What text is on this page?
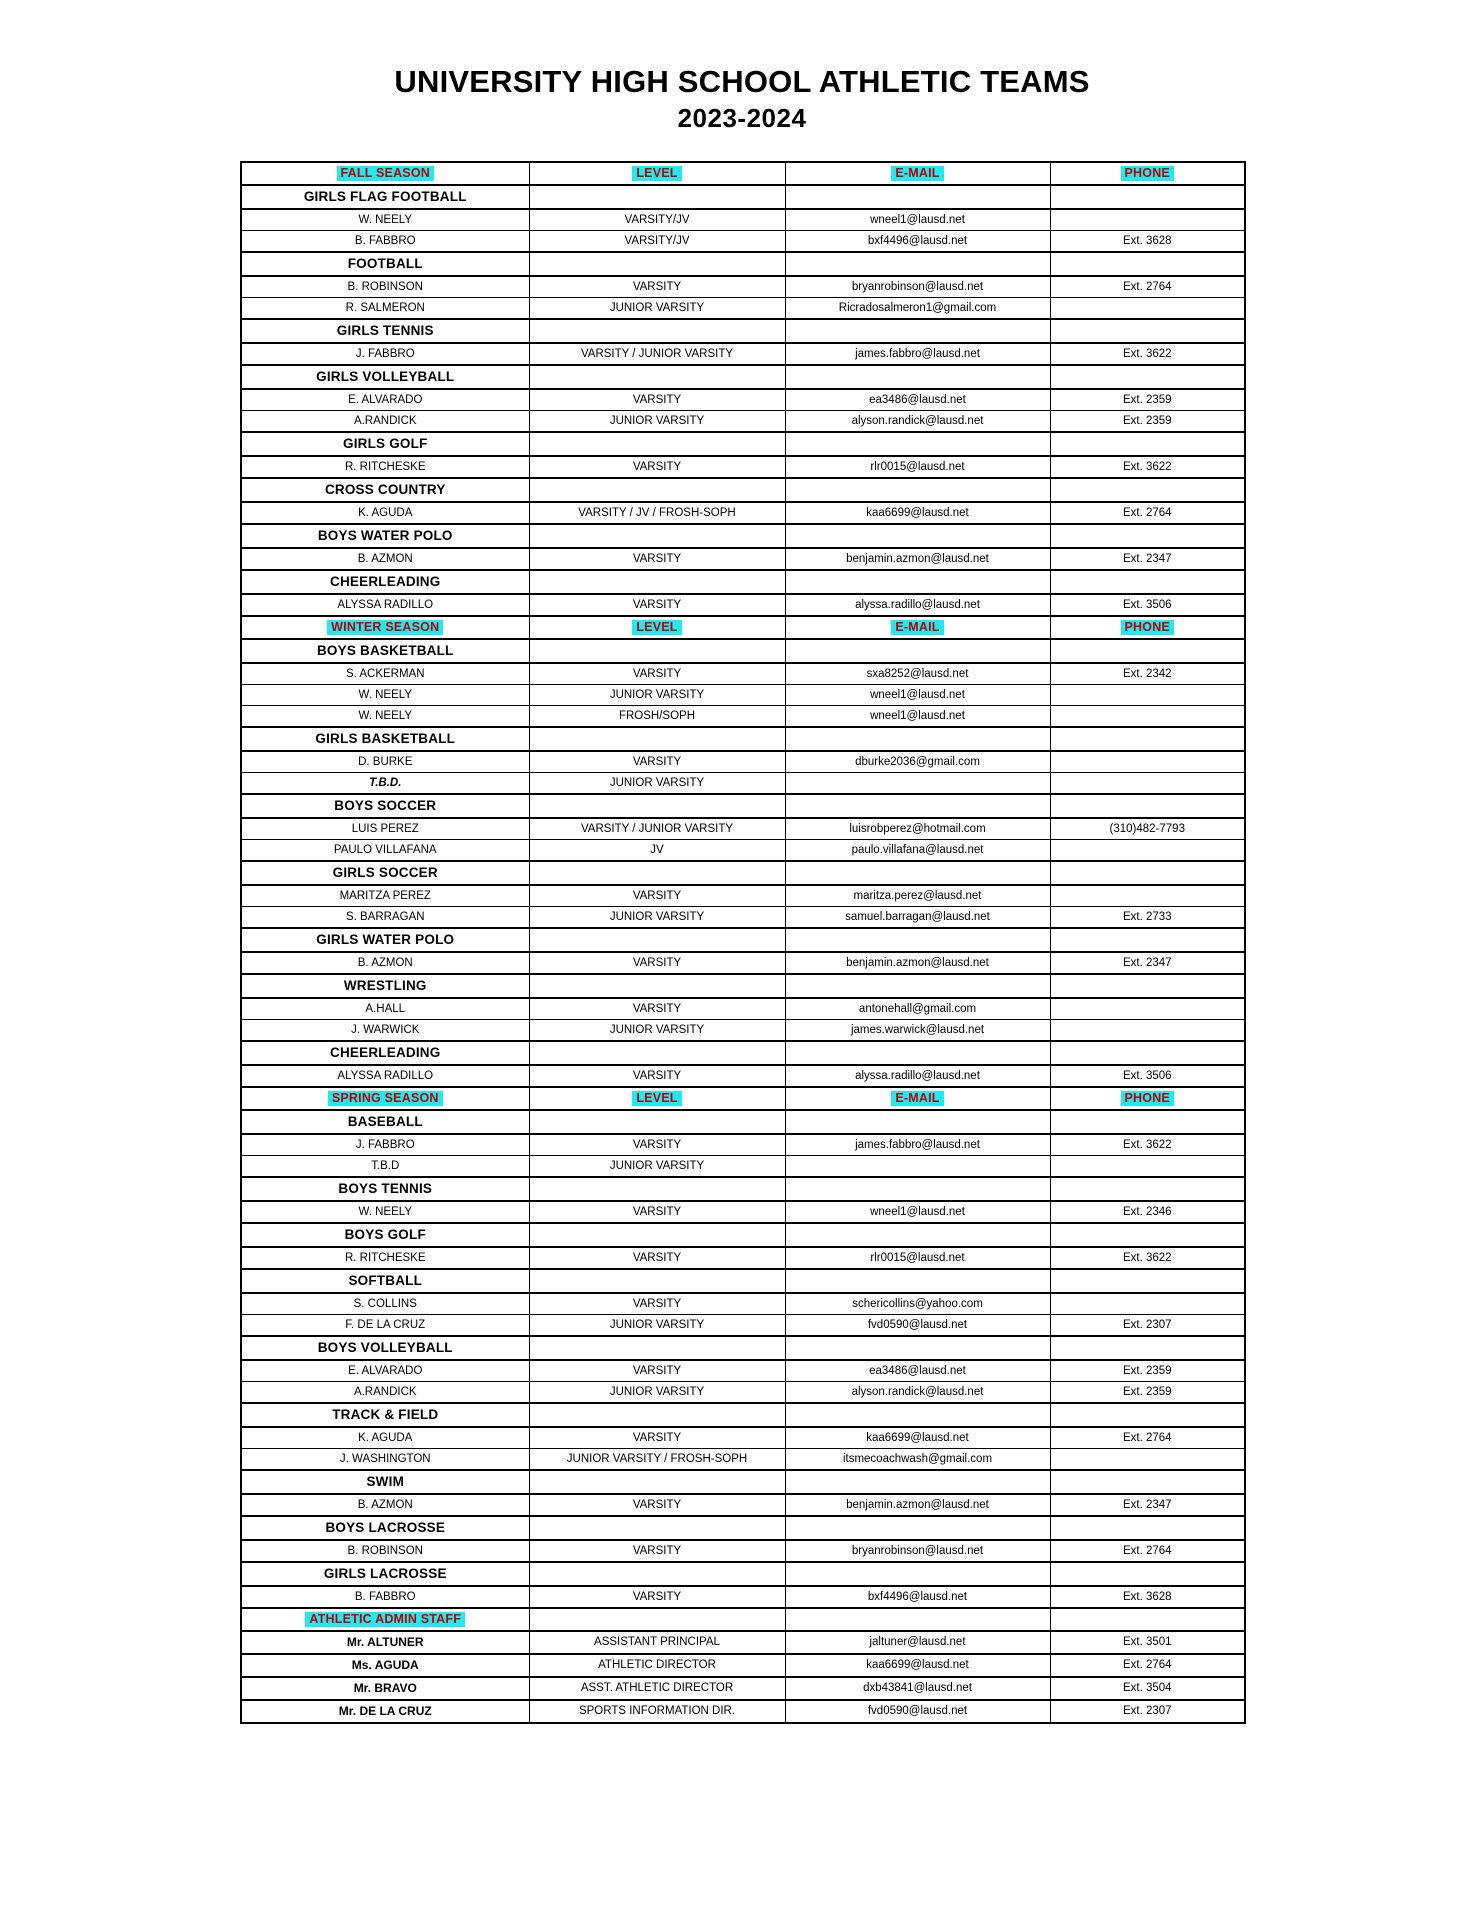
UNIVERSITY HIGH SCHOOL ATHLETIC TEAMS
2023-2024
FALL SEASON	LEVEL	E-MAIL	PHONE
GIRLS FLAG FOOTBALL			
W. NEELY	VARSITY/JV	wneel1@lausd.net	
B. FABBRO	VARSITY/JV	bxf4496@lausd.net	Ext. 3628
FOOTBALL			
B. ROBINSON	VARSITY	bryanrobinson@lausd.net	Ext. 2764
R. SALMERON	JUNIOR VARSITY	Ricradosalmeron1@gmail.com	
GIRLS TENNIS			
J. FABBRO	VARSITY / JUNIOR VARSITY	james.fabbro@lausd.net	Ext. 3622
GIRLS VOLLEYBALL			
E. ALVARADO	VARSITY	ea3486@lausd.net	Ext. 2359
A.RANDICK	JUNIOR VARSITY	alyson.randick@lausd.net	Ext. 2359
GIRLS GOLF			
R. RITCHESKE	VARSITY	rlr0015@lausd.net	Ext. 3622
CROSS COUNTRY			
K. AGUDA	VARSITY / JV / FROSH-SOPH	kaa6699@lausd.net	Ext. 2764
BOYS WATER POLO			
B. AZMON	VARSITY	benjamin.azmon@lausd.net	Ext. 2347
CHEERLEADING			
ALYSSA RADILLO	VARSITY	alyssa.radillo@lausd.net	Ext. 3506
WINTER SEASON	LEVEL	E-MAIL	PHONE
BOYS BASKETBALL			
S. ACKERMAN	VARSITY	sxa8252@lausd.net	Ext. 2342
W. NEELY	JUNIOR VARSITY	wneel1@lausd.net	
W. NEELY	FROSH/SOPH	wneel1@lausd.net	
GIRLS BASKETBALL			
D. BURKE	VARSITY	dburke2036@gmail.com	
T.B.D.	JUNIOR VARSITY		
BOYS SOCCER			
LUIS PEREZ	VARSITY / JUNIOR VARSITY	luisrobperez@hotmail.com	(310)482-7793
PAULO VILLAFANA	JV	paulo.villafana@lausd.net	
GIRLS SOCCER			
MARITZA PEREZ	VARSITY	maritza.perez@lausd.net	
S. BARRAGAN	JUNIOR VARSITY	samuel.barragan@lausd.net	Ext. 2733
GIRLS WATER POLO			
B. AZMON	VARSITY	benjamin.azmon@lausd.net	Ext. 2347
WRESTLING			
A.HALL	VARSITY	antonehall@gmail.com	
J. WARWICK	JUNIOR VARSITY	james.warwick@lausd.net	
CHEERLEADING			
ALYSSA RADILLO	VARSITY	alyssa.radillo@lausd.net	Ext. 3506
SPRING SEASON	LEVEL	E-MAIL	PHONE
BASEBALL			
J. FABBRO	VARSITY	james.fabbro@lausd.net	Ext. 3622
T.B.D	JUNIOR VARSITY		
BOYS TENNIS			
W. NEELY	VARSITY	wneel1@lausd.net	Ext. 2346
BOYS GOLF			
R. RITCHESKE	VARSITY	rlr0015@lausd.net	Ext. 3622
SOFTBALL			
S. COLLINS	VARSITY	schericollins@yahoo.com	
F. DE LA CRUZ	JUNIOR VARSITY	fvd0590@lausd.net	Ext. 2307
BOYS VOLLEYBALL			
E. ALVARADO	VARSITY	ea3486@lausd.net	Ext. 2359
A.RANDICK	JUNIOR VARSITY	alyson.randick@lausd.net	Ext. 2359
TRACK & FIELD			
K. AGUDA	VARSITY	kaa6699@lausd.net	Ext. 2764
J. WASHINGTON	JUNIOR VARSITY / FROSH-SOPH	itsmecoachwash@gmail.com	
SWIM			
B. AZMON	VARSITY	benjamin.azmon@lausd.net	Ext. 2347
BOYS LACROSSE			
B. ROBINSON	VARSITY	bryanrobinson@lausd.net	Ext. 2764
GIRLS LACROSSE			
B. FABBRO	VARSITY	bxf4496@lausd.net	Ext. 3628
ATHLETIC ADMIN STAFF			
Mr. ALTUNER	ASSISTANT PRINCIPAL	jaltuner@lausd.net	Ext. 3501
Ms. AGUDA	ATHLETIC DIRECTOR	kaa6699@lausd.net	Ext. 2764
Mr. BRAVO	ASST. ATHLETIC DIRECTOR	dxb43841@lausd.net	Ext. 3504
Mr. DE LA CRUZ	SPORTS INFORMATION DIR.	fvd0590@lausd.net	Ext. 2307
